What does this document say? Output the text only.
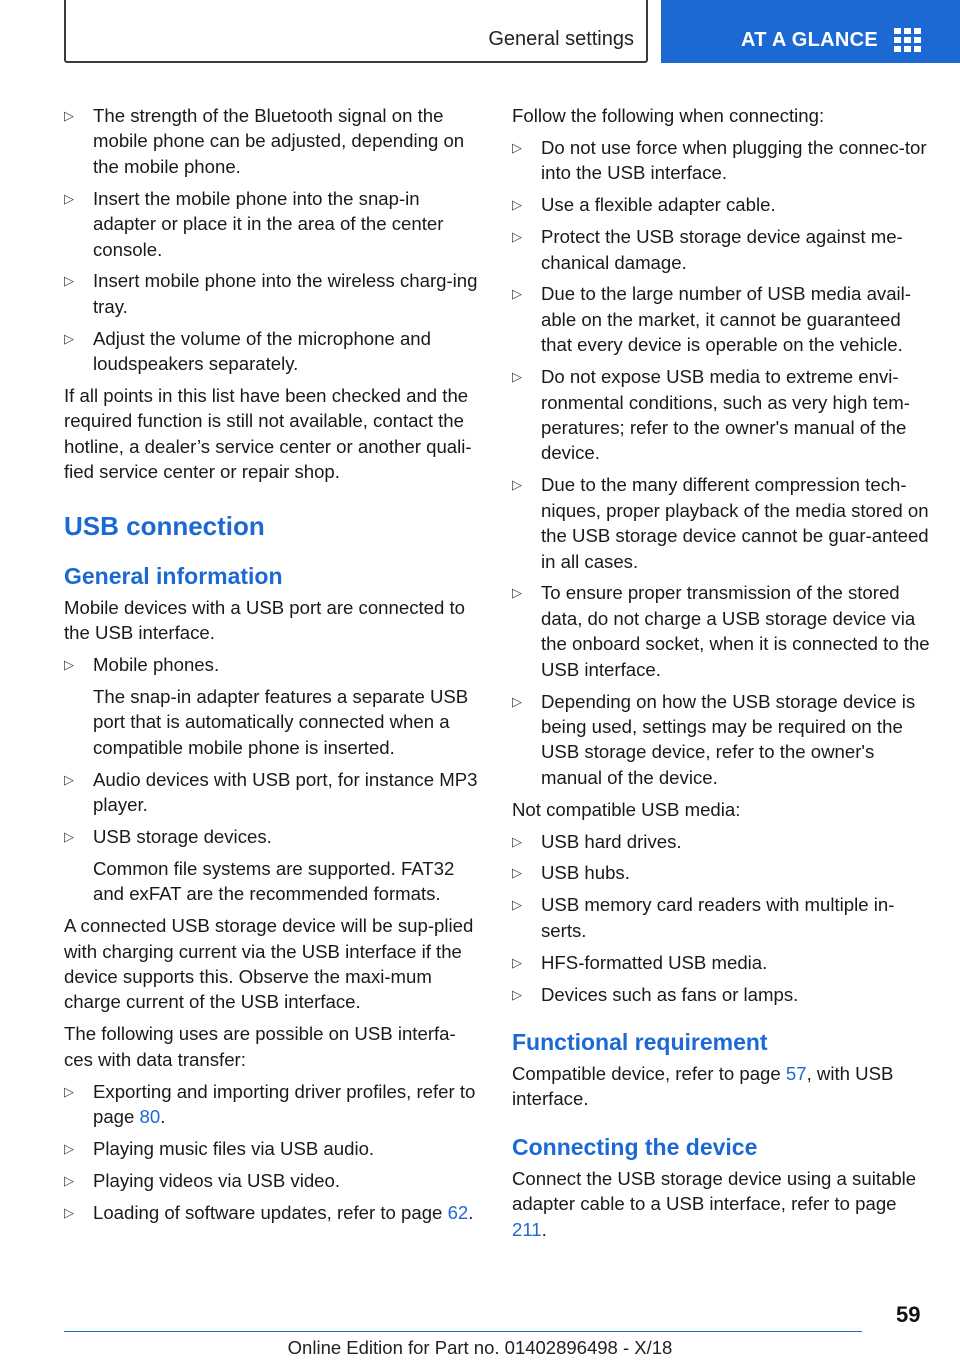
General settings	AT A GLANCE
▷ The strength of the Bluetooth signal on the mobile phone can be adjusted, depending on the mobile phone.
▷ Insert the mobile phone into the snap-in adapter or place it in the area of the center console.
▷ Insert mobile phone into the wireless charg-ing tray.
▷ Adjust the volume of the microphone and loudspeakers separately.

If all points in this list have been checked and the required function is still not available, contact the hotline, a dealer’s service center or another quali-fied service center or repair shop.

USB connection
General information

Mobile devices with a USB port are connected to the USB interface.

▷ Mobile phones.
The snap-in adapter features a separate USB port that is automatically connected when a compatible mobile phone is inserted.
▷ Audio devices with USB port, for instance MP3 player.
▷ USB storage devices.
Common file systems are supported. FAT32 and exFAT are the recommended formats.

A connected USB storage device will be sup-plied with charging current via the USB interface if the device supports this. Observe the maxi-mum charge current of the USB interface.

The following uses are possible on USB interfa-ces with data transfer:

▷ Exporting and importing driver profiles, refer to page 80.
▷ Playing music files via USB audio.
▷ Playing videos via USB video.
▷ Loading of software updates, refer to page 62.

Follow the following when connecting:

▷ Do not use force when plugging the connec-tor into the USB interface.
▷ Use a flexible adapter cable.
▷ Protect the USB storage device against me-chanical damage.
▷ Due to the large number of USB media avail-able on the market, it cannot be guaranteed that every device is operable on the vehicle.
▷ Do not expose USB media to extreme envi-ronmental conditions, such as very high tem-peratures; refer to the owner's manual of the device.
▷ Due to the many different compression tech-niques, proper playback of the media stored on the USB storage device cannot be guar-anteed in all cases.
▷ To ensure proper transmission of the stored data, do not charge a USB storage device via the onboard socket, when it is connected to the USB interface.
▷ Depending on how the USB storage device is being used, settings may be required on the USB storage device, refer to the owner's manual of the device.

Not compatible USB media:

▷ USB hard drives.
▷ USB hubs.
▷ USB memory card readers with multiple in-serts.
▷ HFS-formatted USB media.
▷ Devices such as fans or lamps.
Functional requirement

Compatible device, refer to page 57, with USB interface.

Connecting the device

Connect the USB storage device using a suitable adapter cable to a USB interface, refer to page 211.

59
Online Edition for Part no. 01402896498 - X/18
